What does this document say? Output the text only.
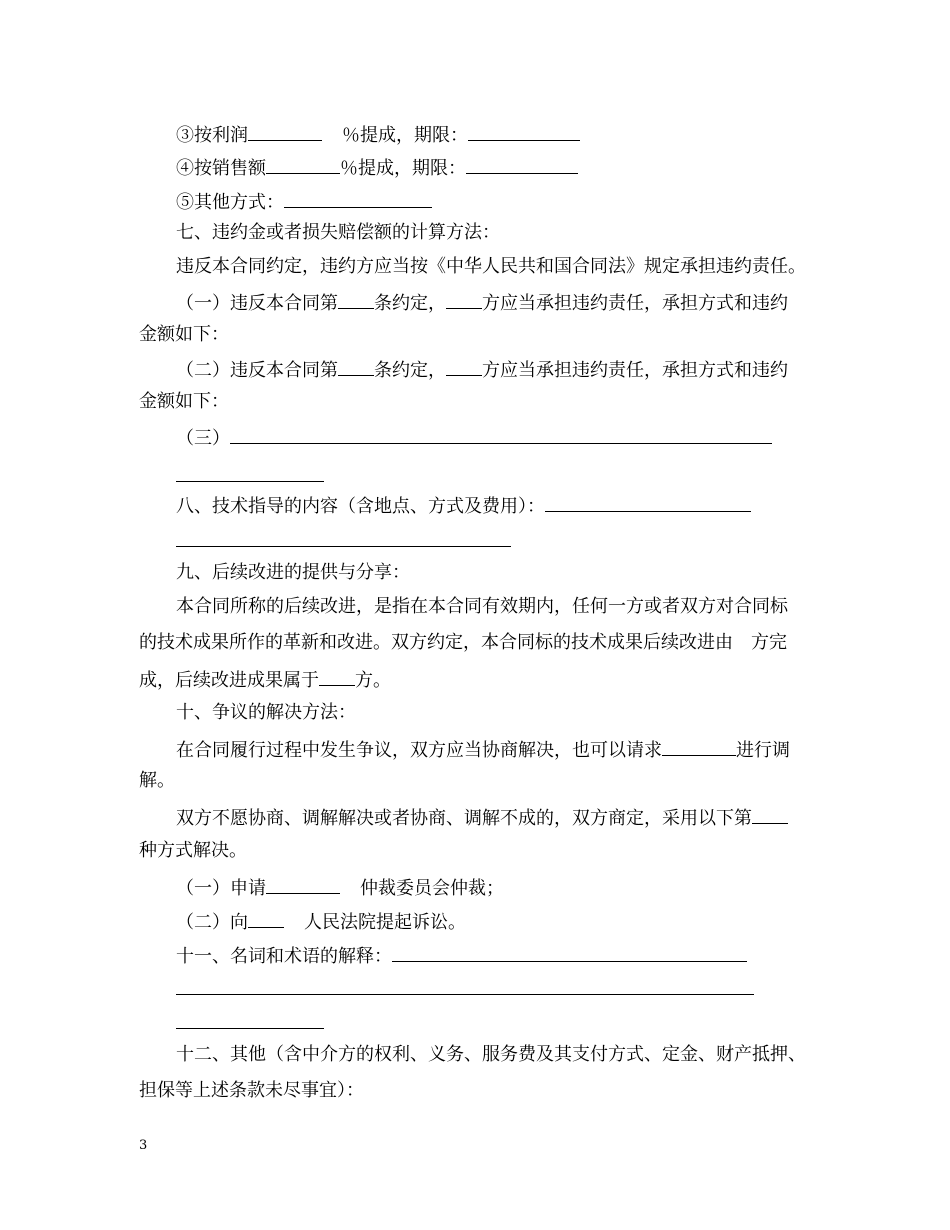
③按利润	％提成，期限：
④按销售额	％提成，期限：
⑤其他方式：
七、违约金或者损失赔偿额的计算方法：
违反本合同约定，违约方应当按《中华人民共和国合同法》规定承担违约责任。
（一）违反本合同第 条约定， 方应当承担违约责任，承担方式和违约
金额如下：
（二）违反本合同第 条约定， 方应当承担违约责任，承担方式和违约
金额如下：
（三）
八、技术指导的内容（含地点、方式及费用）：
九、后续改进的提供与分享：
本合同所称的后续改进，是指在本合同有效期内，任何一方或者双方对合同标
的技术成果所作的革新和改进。双方约定，本合同标的技术成果后续改进由　方完
成，后续改进成果属于 方。
十、争议的解决方法：
在合同履行过程中发生争议，双方应当协商解决，也可以请求	进行调
解。
双方不愿协商、调解解决或者协商、调解不成的，双方商定，采用以下第
种方式解决。
（一）申请	仲裁委员会仲裁；
（二）向	人民法院提起诉讼。
十一、名词和术语的解释：
十二、其他（含中介方的权利、义务、服务费及其支付方式、定金、财产抵押、
担保等上述条款未尽事宜）：
3
